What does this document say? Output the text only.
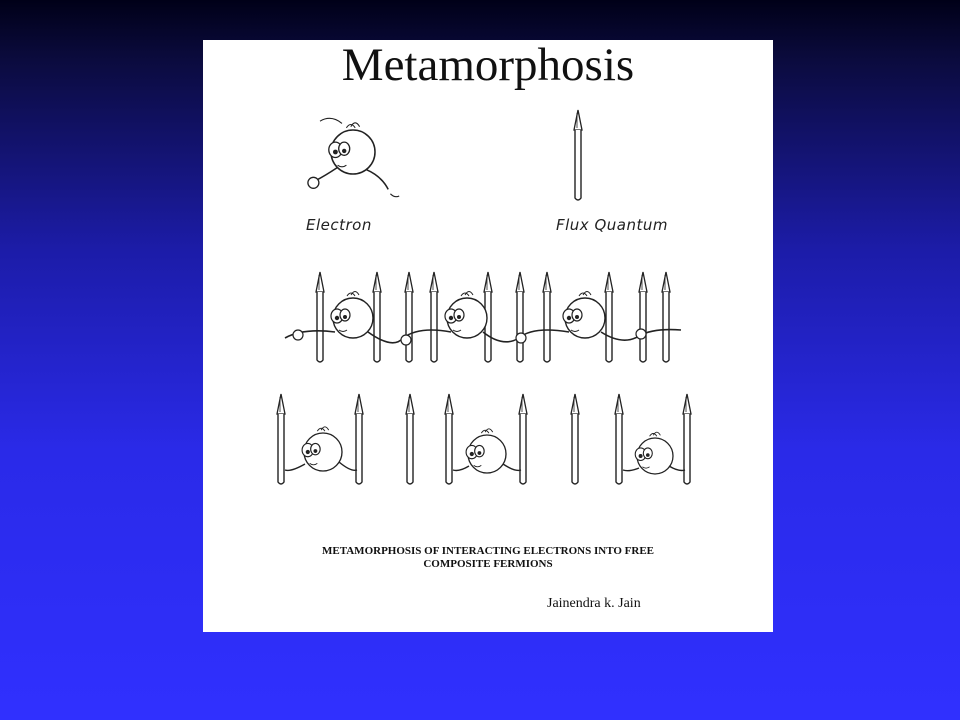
Metamorphosis
Electron	Flux Quantum
METAMORPHOSIS OF INTERACTING ELECTRONS INTO FREE
COMPOSITE FERMIONS
Jainendra k. Jain
